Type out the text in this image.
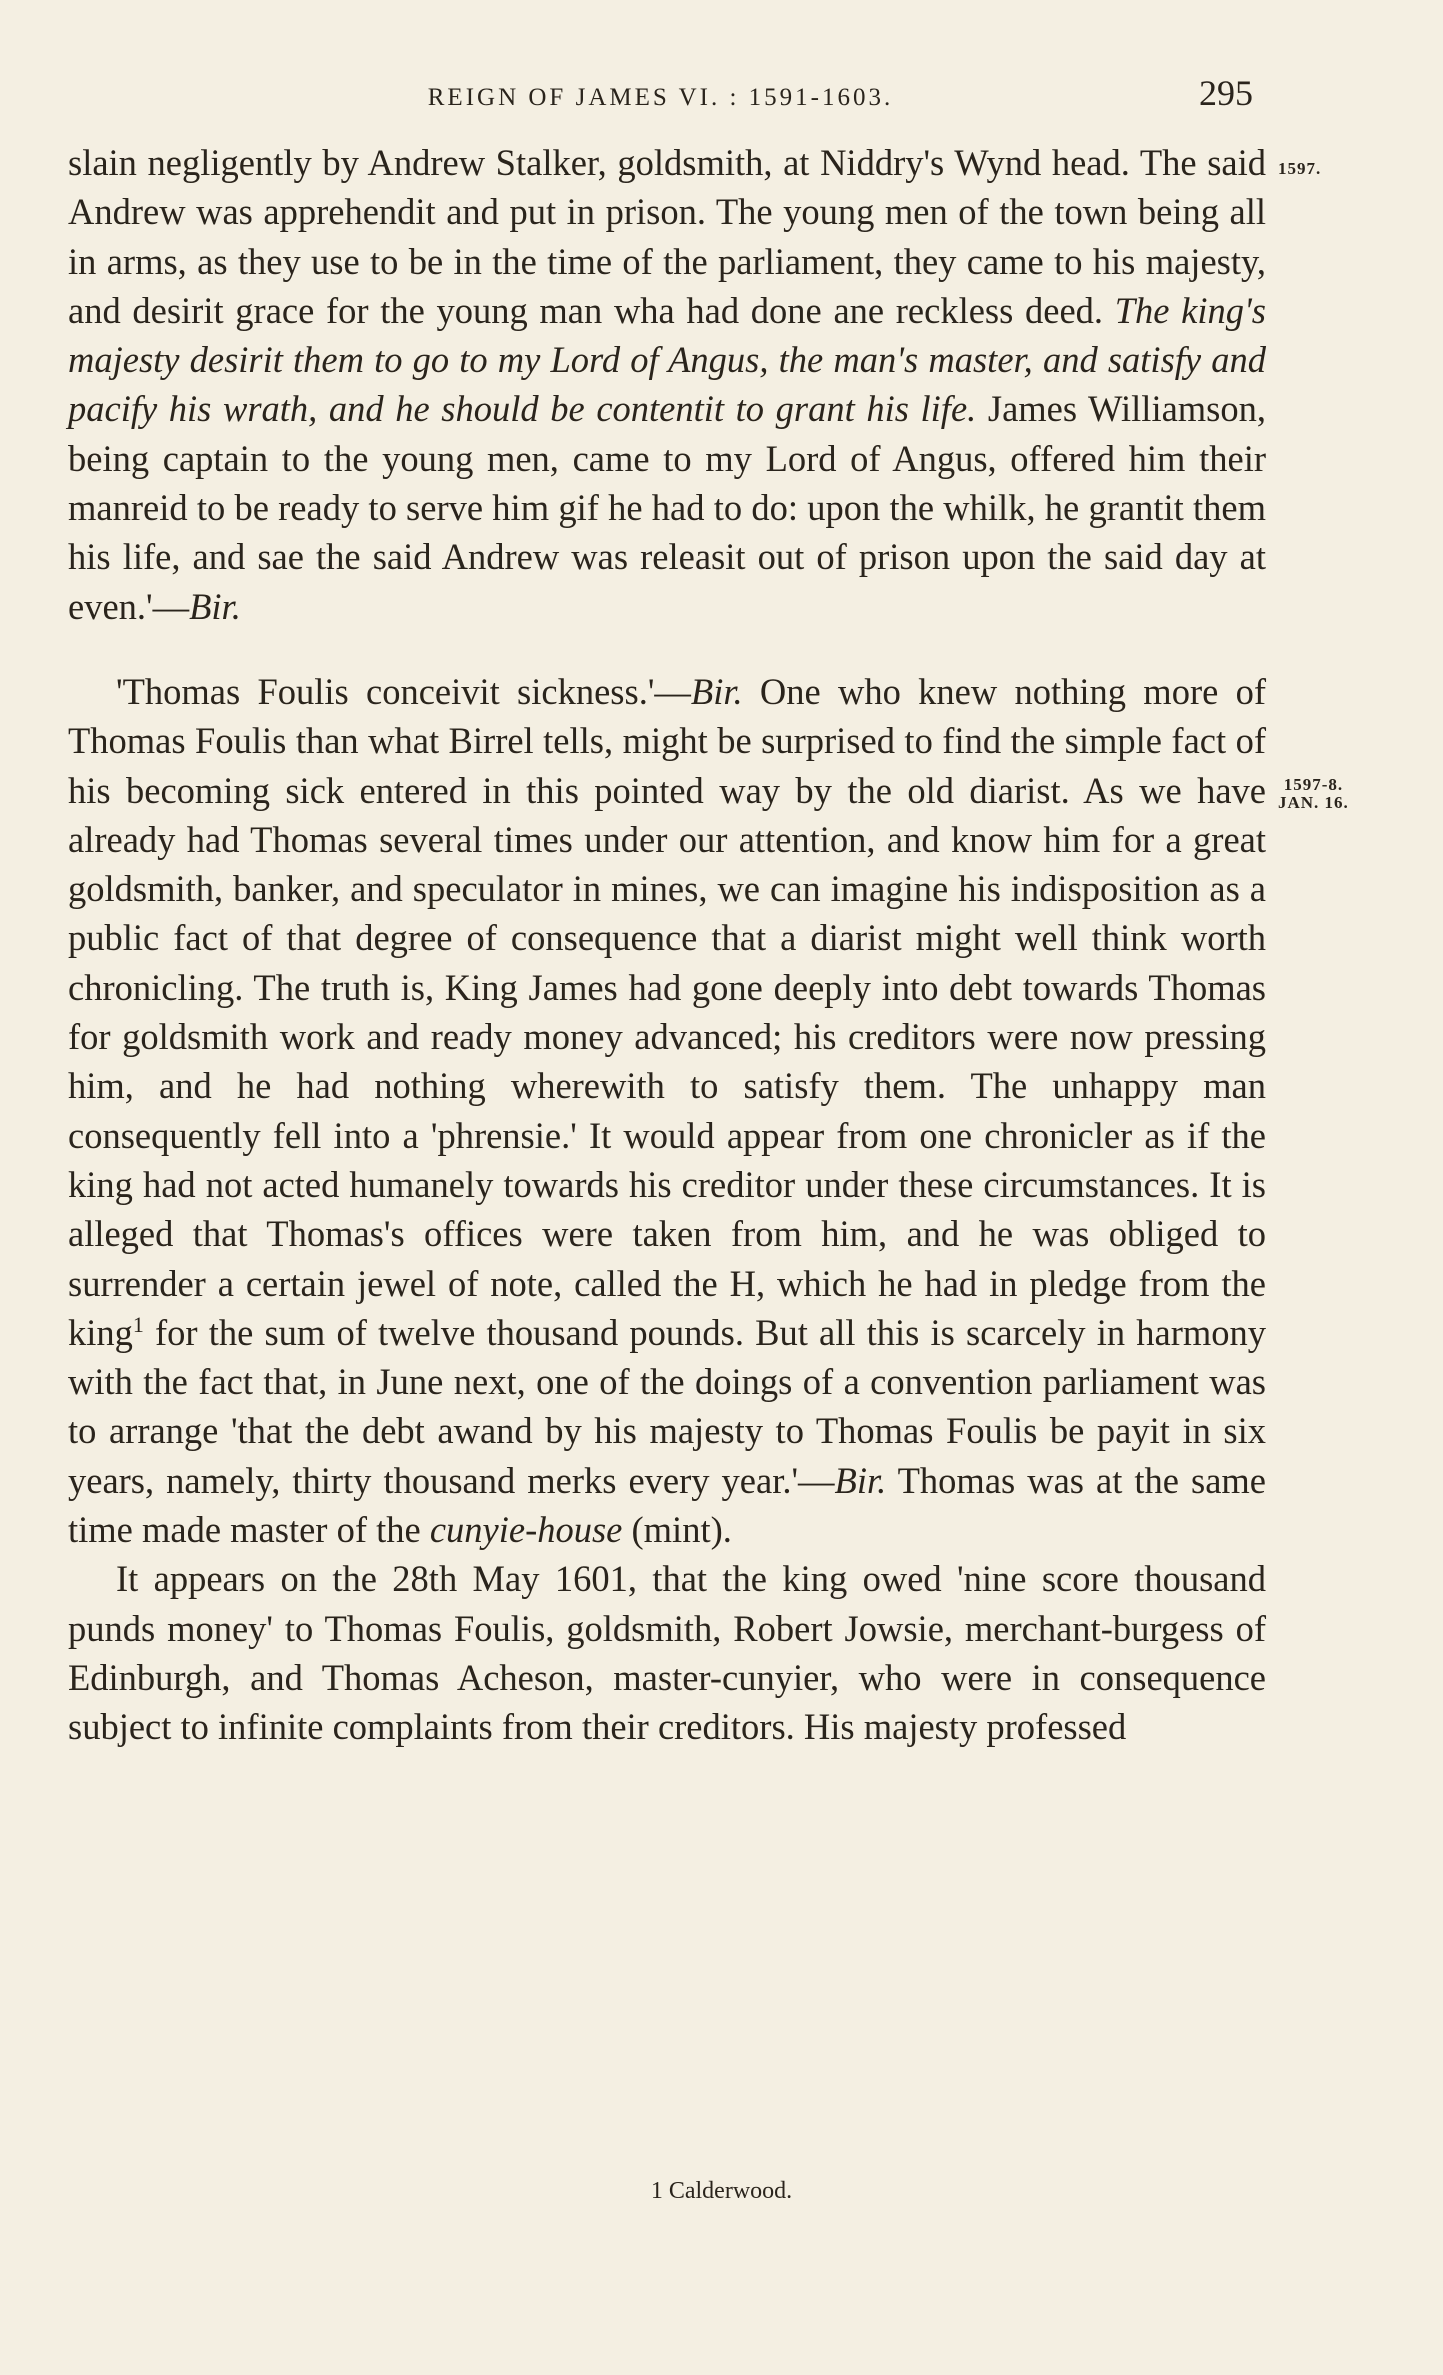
REIGN OF JAMES VI. : 1591-1603.	295
1597.
1597-8.
JAN. 16.

slain negligently by Andrew Stalker, goldsmith, at Niddry's Wynd head. The said Andrew was apprehendit and put in prison. The young men of the town being all in arms, as they use to be in the time of the parliament, they came to his majesty, and desirit grace for the young man wha had done ane reckless deed. The king's majesty desirit them to go to my Lord of Angus, the man's master, and satisfy and pacify his wrath, and he should be contentit to grant his life. James Williamson, being captain to the young men, came to my Lord of Angus, offered him their manreid to be ready to serve him gif he had to do: upon the whilk, he grantit them his life, and sae the said Andrew was releasit out of prison upon the said day at even.'—Bir.

'Thomas Foulis conceivit sickness.'—Bir. One who knew nothing more of Thomas Foulis than what Birrel tells, might be surprised to find the simple fact of his becoming sick entered in this pointed way by the old diarist. As we have already had Thomas several times under our attention, and know him for a great goldsmith, banker, and speculator in mines, we can imagine his indisposition as a public fact of that degree of consequence that a diarist might well think worth chronicling. The truth is, King James had gone deeply into debt towards Thomas for goldsmith work and ready money advanced; his creditors were now pressing him, and he had nothing wherewith to satisfy them. The unhappy man consequently fell into a 'phrensie.' It would appear from one chronicler as if the king had not acted humanely towards his creditor under these circumstances. It is alleged that Thomas's offices were taken from him, and he was obliged to surrender a certain jewel of note, called the H, which he had in pledge from the king$^1$ for the sum of twelve thousand pounds. But all this is scarcely in harmony with the fact that, in June next, one of the doings of a convention parliament was to arrange 'that the debt awand by his majesty to Thomas Foulis be payit in six years, namely, thirty thousand merks every year.'—Bir. Thomas was at the same time made master of the cunyie-house (mint).

It appears on the 28th May 1601, that the king owed 'nine score thousand punds money' to Thomas Foulis, goldsmith, Robert Jowsie, merchant-burgess of Edinburgh, and Thomas Acheson, master-cunyier, who were in consequence subject to infinite complaints from their creditors. His majesty professed

1 Calderwood.
